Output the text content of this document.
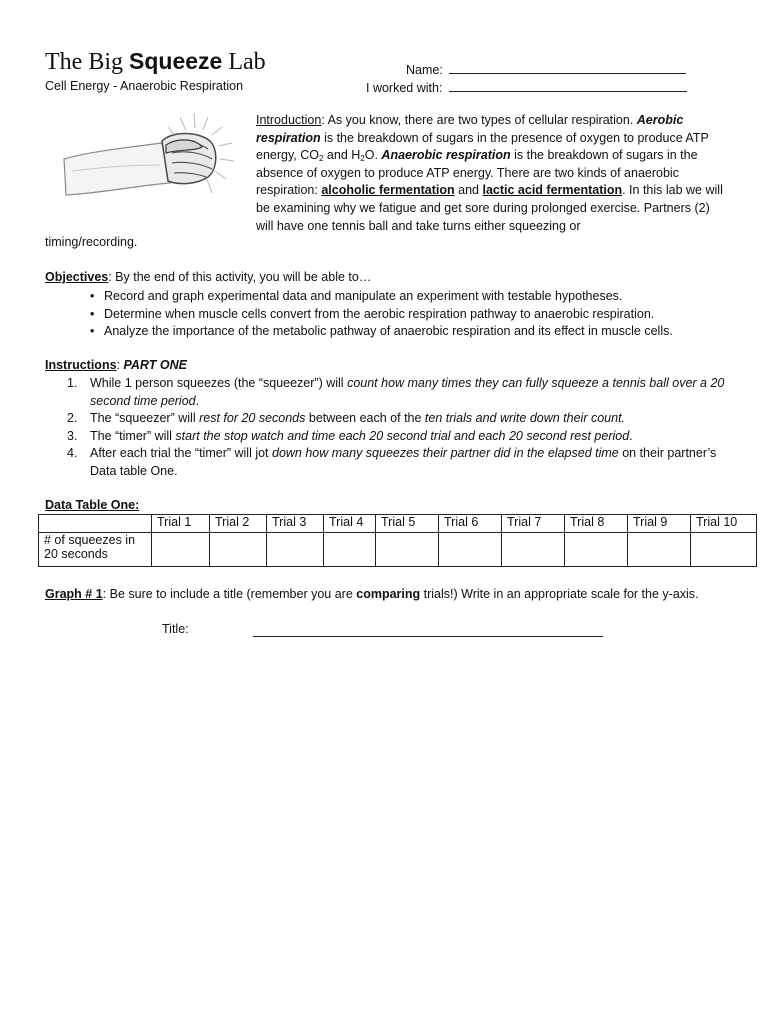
The Big Squeeze Lab
Cell Energy - Anaerobic Respiration
Name:
I worked with:
Introduction: As you know, there are two types of cellular respiration. Aerobic respiration is the breakdown of sugars in the presence of oxygen to produce ATP energy, $CO_2$ and $H_2O$. Anaerobic respiration is the breakdown of sugars in the absence of oxygen to produce ATP energy. There are two kinds of anaerobic respiration: alcoholic fermentation and lactic acid fermentation. In this lab we will be examining why we fatigue and get sore during prolonged exercise. Partners (2) will have one tennis ball and take turns either squeezing or
timing/recording.
Objectives: By the end of this activity, you will be able to…
• Record and graph experimental data and manipulate an experiment with testable hypotheses.
• Determine when muscle cells convert from the aerobic respiration pathway to anaerobic respiration.
• Analyze the importance of the metabolic pathway of anaerobic respiration and its effect in muscle cells.
Instructions: PART ONE
1. While 1 person squeezes (the “squeezer”) will count how many times they can fully squeeze a tennis ball over a 20 second time period.
2. The “squeezer” will rest for 20 seconds between each of the ten trials and write down their count.
3. The “timer” will start the stop watch and time each 20 second trial and each 20 second rest period.
4. After each trial the “timer” will jot down how many squeezes their partner did in the elapsed time on their partner’s Data table One.
Data Table One:
	Trial 1	Trial 2	Trial 3	Trial 4	Trial 5	Trial 6	Trial 7	Trial 8	Trial 9	Trial 10
# of squeezes in 20 seconds										
Graph # 1: Be sure to include a title (remember you are comparing trials!) Write in an appropriate scale for the y-axis.
Title:
